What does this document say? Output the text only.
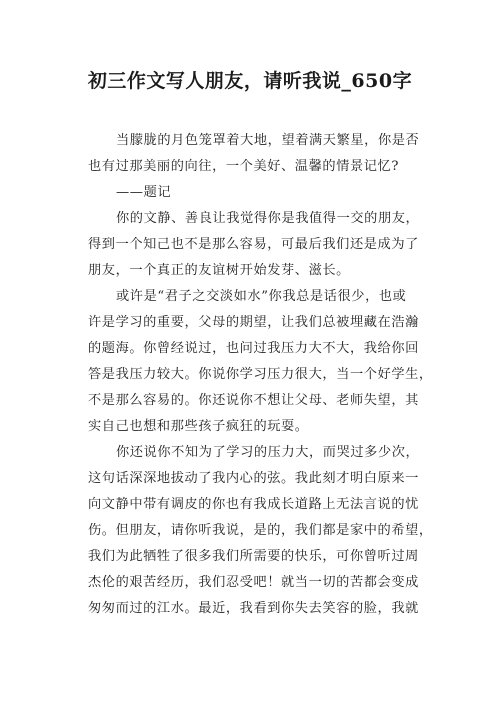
初三作文写人朋友，请听我说_650字
当朦胧的月色笼罩着大地，望着满天繁星，你是否
也有过那美丽的向往，一个美好、温馨的情景记忆?
——题记
你的文静、善良让我觉得你是我值得一交的朋友，
得到一个知己也不是那么容易，可最后我们还是成为了
朋友，一个真正的友谊树开始发芽、滋长。
或许是“君子之交淡如水”你我总是话很少，也或
许是学习的重要，父母的期望，让我们总被埋藏在浩瀚
的题海。你曾经说过，也问过我压力大不大，我给你回
答是我压力较大。你说你学习压力很大，当一个好学生，
不是那么容易的。你还说你不想让父母、老师失望，其
实自己也想和那些孩子疯狂的玩耍。
你还说你不知为了学习的压力大，而哭过多少次，
这句话深深地拔动了我内心的弦。我此刻才明白原来一
向文静中带有调皮的你也有我成长道路上无法言说的忧
伤。但朋友，请你听我说，是的，我们都是家中的希望，
我们为此牺牲了很多我们所需要的快乐，可你曾听过周
杰伦的艰苦经历，我们忍受吧！就当一切的苦都会变成
匆匆而过的江水。最近，我看到你失去笑容的脸，我就
